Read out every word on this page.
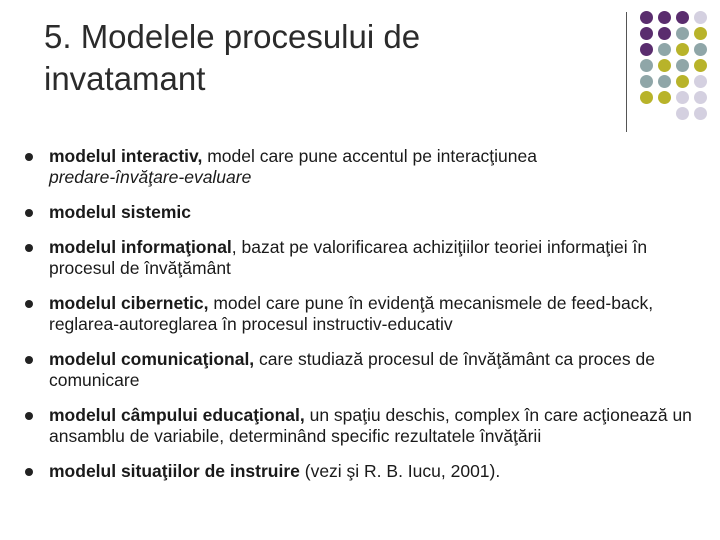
5. Modelele procesului de
invatamant
modelul interactiv, model care pune accentul pe interacţiunea
predare-învăţare-evaluare
modelul sistemic
modelul informaţional, bazat pe valorificarea achiziţiilor teoriei informaţiei în procesul de învăţământ
modelul cibernetic, model care pune în evidenţă mecanismele de feed-back, reglarea-autoreglarea în procesul instructiv-educativ
modelul comunicaţional, care studiază procesul de învăţământ ca proces de comunicare
modelul câmpului educaţional, un spaţiu deschis, complex în care acţionează un ansamblu de variabile, determinând specific rezultatele învăţării
modelul situaţiilor de instruire (vezi şi R. B. Iucu, 2001).
